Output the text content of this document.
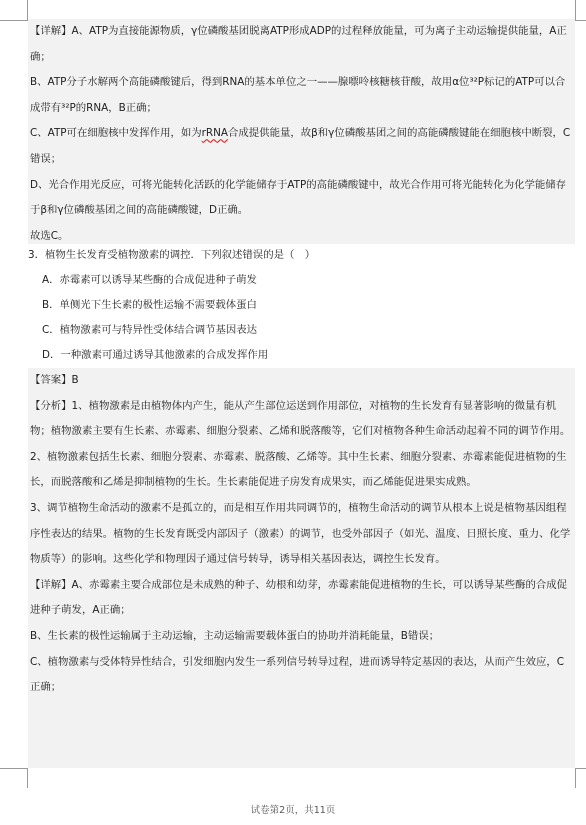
【详解】A、ATP为直接能源物质，γ位磷酸基团脱离ATP形成ADP的过程释放能量，可为离子主动运输提供能量，A正确；

B、ATP分子水解两个高能磷酸键后，得到RNA的基本单位之一——腺嘌呤核糖核苷酸，故用α位³²P标记的ATP可以合成带有³²P的RNA，B正确；

C、ATP可在细胞核中发挥作用，如为rRNA合成提供能量，故β和γ位磷酸基团之间的高能磷酸键能在细胞核中断裂，C错误；

D、光合作用光反应，可将光能转化活跃的化学能储存于ATP的高能磷酸键中，故光合作用可将光能转化为化学能储存于β和γ位磷酸基团之间的高能磷酸键，D正确。

故选C。

3．植物生长发育受植物激素的调控．下列叙述错误的是（　）

A．赤霉素可以诱导某些酶的合成促进种子萌发

B．单侧光下生长素的极性运输不需要载体蛋白

C．植物激素可与特异性受体结合调节基因表达

D．一种激素可通过诱导其他激素的合成发挥作用

【答案】B

【分析】1、植物激素是由植物体内产生，能从产生部位运送到作用部位，对植物的生长发育有显著影响的微量有机物；植物激素主要有生长素、赤霉素、细胞分裂素、乙烯和脱落酸等，它们对植物各种生命活动起着不同的调节作用。

2、植物激素包括生长素、细胞分裂素、赤霉素、脱落酸、乙烯等。其中生长素、细胞分裂素、赤霉素能促进植物的生长，而脱落酸和乙烯是抑制植物的生长。生长素能促进子房发育成果实，而乙烯能促进果实成熟。

3、调节植物生命活动的激素不是孤立的，而是相互作用共同调节的，植物生命活动的调节从根本上说是植物基因组程序性表达的结果。植物的生长发育既受内部因子（激素）的调节，也受外部因子（如光、温度、日照长度、重力、化学物质等）的影响。这些化学和物理因子通过信号转导，诱导相关基因表达，调控生长发育。

【详解】A、赤霉素主要合成部位是未成熟的种子、幼根和幼芽，赤霉素能促进植物的生长，可以诱导某些酶的合成促进种子萌发，A正确；

B、生长素的极性运输属于主动运输，主动运输需要载体蛋白的协助并消耗能量，B错误；

C、植物激素与受体特异性结合，引发细胞内发生一系列信号转导过程，进而诱导特定基因的表达，从而产生效应，C正确；

试卷第2页，共11页
